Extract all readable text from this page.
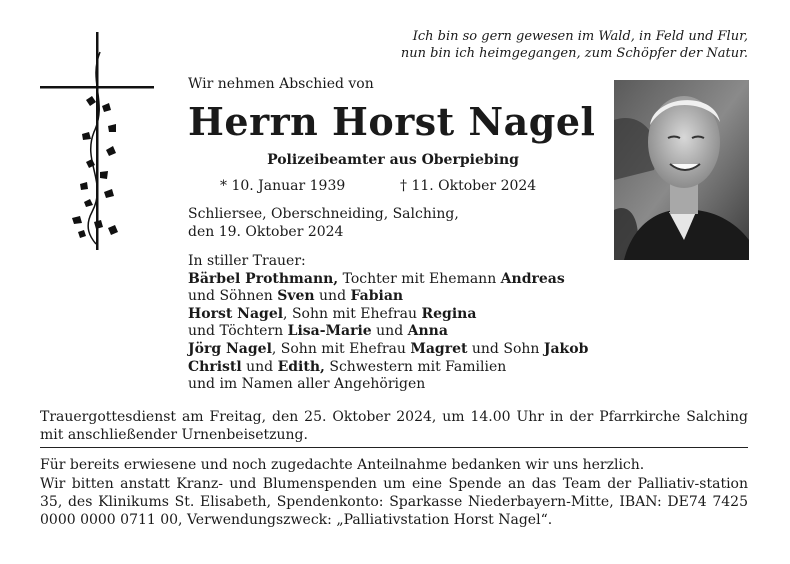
Ich bin so gern gewesen im Wald, in Feld und Flur,
nun bin ich heimgegangen, zum Schöpfer der Natur.
Wir nehmen Abschied von
Herrn Horst Nagel
Polizeibeamter aus Oberpiebing
* 10. Januar 1939	† 11. Oktober 2024
Schliersee, Oberschneiding, Salching,
den 19. Oktober 2024
In stiller Trauer:
Bärbel Prothmann, Tochter mit Ehemann Andreas
und Söhnen Sven und Fabian
Horst Nagel, Sohn mit Ehefrau Regina
und Töchtern Lisa-Marie und Anna
Jörg Nagel, Sohn mit Ehefrau Magret und Sohn Jakob
Christl und Edith, Schwestern mit Familien
und im Namen aller Angehörigen
Trauergottesdienst am Freitag, den 25. Oktober 2024, um 14.00 Uhr in der Pfarrkirche Salching mit anschließender Urnenbeisetzung.
Für bereits erwiesene und noch zugedachte Anteilnahme bedanken wir uns herzlich.
Wir bitten anstatt Kranz- und Blumenspenden um eine Spende an das Team der Palliativ-station 35, des Klinikums St. Elisabeth, Spendenkonto: Sparkasse Niederbayern-Mitte, IBAN: DE74 7425 0000 0000 0711 00, Verwendungszweck: „Palliativstation Horst Nagel“.
